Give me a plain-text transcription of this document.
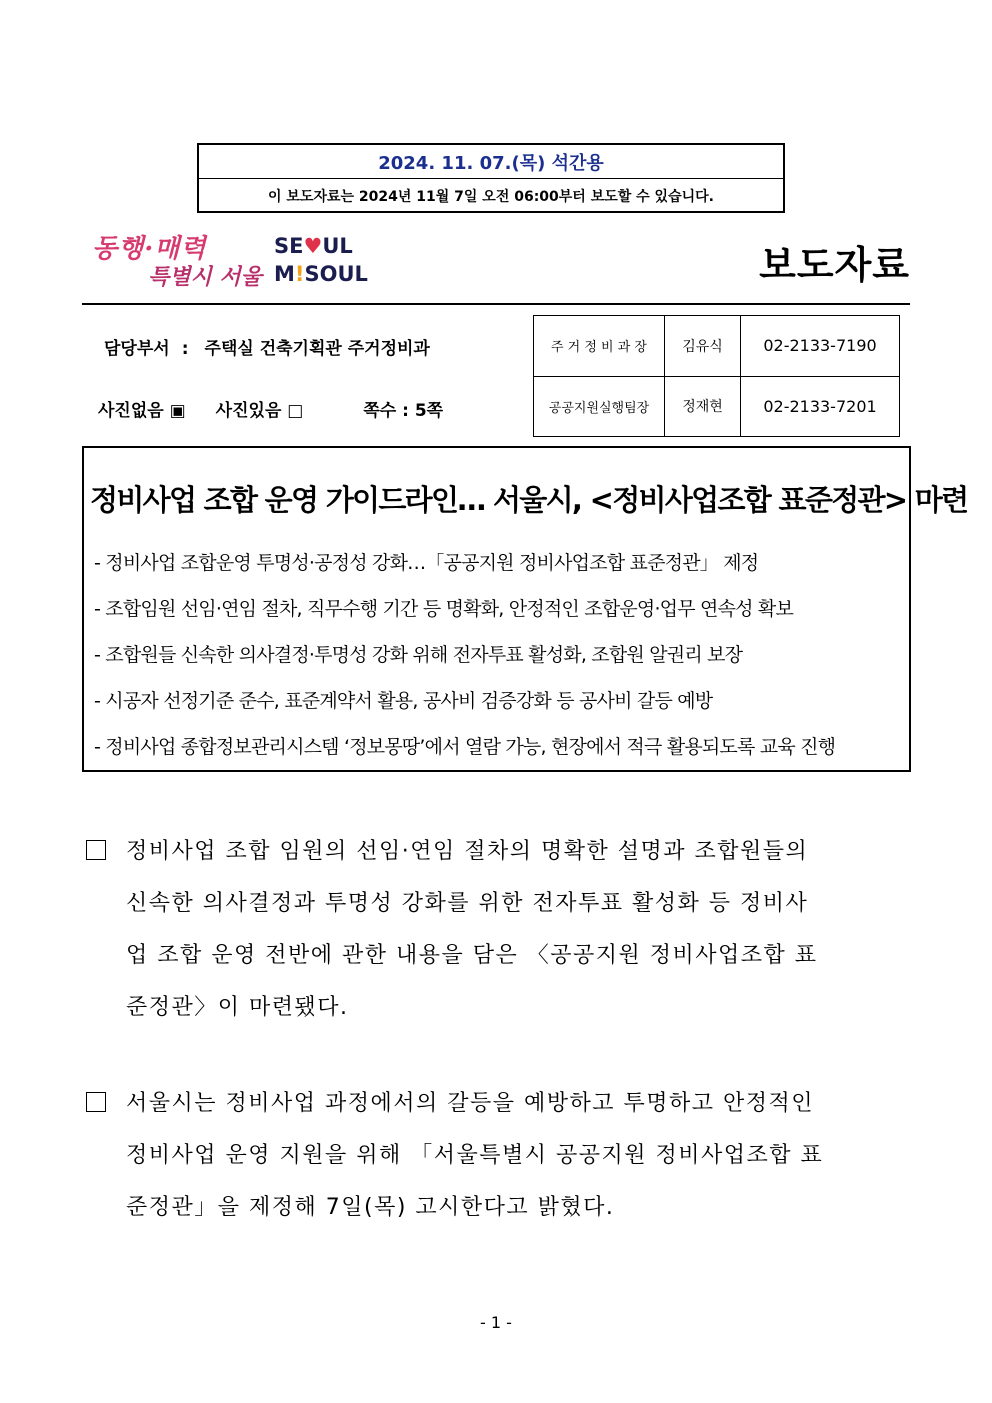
2024. 11. 07.(목) 석간용
이 보도자료는 2024년 11월 7일 오전 06:00부터 보도할 수 있습니다.
동행·매력
특별시 서울
SE♥UL
M!SOUL	보도자료
담당부서 : 주택실 건축기획관 주거정비과
사진없음 ▣ 사진있음 □	쪽수 : 5쪽
주 거 정 비 과 장	김유식	02-2133-7190
공공지원실행팀장	정재현	02-2133-7201
정비사업 조합 운영 가이드라인… 서울시, <정비사업조합 표준정관> 마련
- 정비사업 조합운영 투명성·공정성 강화…「공공지원 정비사업조합 표준정관」 제정
- 조합임원 선임·연임 절차, 직무수행 기간 등 명확화, 안정적인 조합운영·업무 연속성 확보
- 조합원들 신속한 의사결정·투명성 강화 위해 전자투표 활성화, 조합원 알권리 보장
- 시공자 선정기준 준수, 표준계약서 활용, 공사비 검증강화 등 공사비 갈등 예방
- 정비사업 종합정보관리시스템 ‘정보몽땅’에서 열람 가능, 현장에서 적극 활용되도록 교육 진행
정비사업 조합 임원의 선임·연임 절차의 명확한 설명과 조합원들의
신속한 의사결정과 투명성 강화를 위한 전자투표 활성화 등 정비사
업 조합 운영 전반에 관한 내용을 담은 〈공공지원 정비사업조합 표
준정관〉이 마련됐다.
서울시는 정비사업 과정에서의 갈등을 예방하고 투명하고 안정적인
정비사업 운영 지원을 위해 「서울특별시 공공지원 정비사업조합 표
준정관」을 제정해 7일(목) 고시한다고 밝혔다.
- 1 -
